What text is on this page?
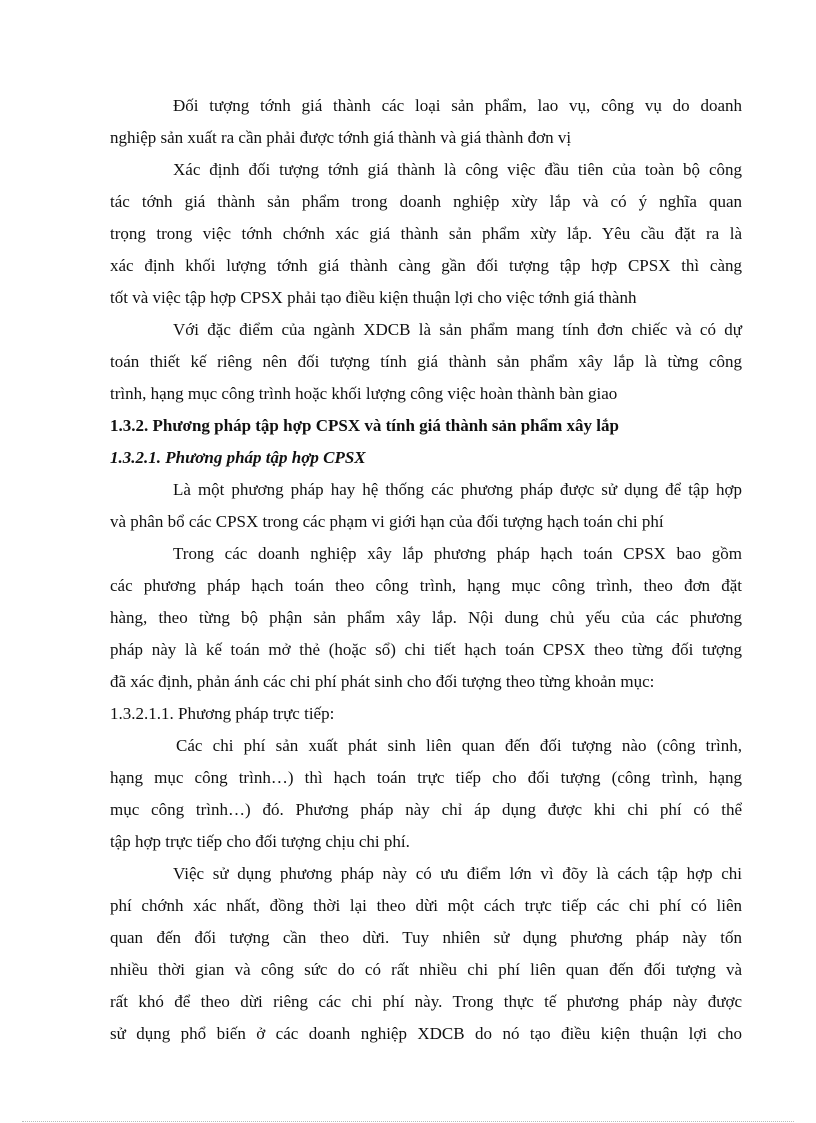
Đối tượng tớnh giá thành các loại sản phẩm, lao vụ, công vụ do doanh
nghiệp sản xuất ra cần phải được tớnh giá thành và giá thành đơn vị
Xác định đối tượng tớnh giá thành là công việc đầu tiên của toàn bộ công
tác tớnh giá thành sản phẩm trong doanh nghiệp xừy lắp và có ý nghĩa quan
trọng trong việc tớnh chớnh xác giá thành sản phẩm xừy lắp. Yêu cầu đặt ra là
xác định khối lượng tớnh giá thành càng gần đối tượng tập hợp CPSX thì càng
tốt và việc tập hợp CPSX phải tạo điều kiện thuận lợi cho việc tớnh giá thành
Với đặc điểm của ngành XDCB là sản phẩm mang tính đơn chiếc và có dự
toán thiết kế riêng nên đối tượng tính giá thành sản phẩm xây lắp là từng công
trình, hạng mục công trình hoặc khối lượng công việc hoàn thành bàn giao
1.3.2. Phương pháp tập hợp CPSX và tính giá thành sản phẩm xây lắp
1.3.2.1. Phương pháp tập hợp CPSX
Là một phương pháp hay hệ thống các phương pháp được sử dụng để tập hợp
và phân bổ các CPSX trong các phạm vi giới hạn của đối tượng hạch toán chi phí
Trong các doanh nghiệp xây lắp phương pháp hạch toán CPSX bao gồm
các phương pháp hạch toán theo công trình, hạng mục công trình, theo đơn đặt
hàng, theo từng bộ phận sản phẩm xây lắp. Nội dung chủ yếu của các phương
pháp này là kế toán mở thẻ (hoặc sổ) chi tiết hạch toán CPSX theo từng đối tượng
đã xác định, phản ánh các chi phí phát sinh cho đối tượng theo từng khoản mục:
1.3.2.1.1. Phương pháp trực tiếp:
Các chi phí sản xuất phát sinh liên quan đến đối tượng nào (công trình,
hạng mục công trình…) thì hạch toán trực tiếp cho đối tượng (công trình, hạng
mục công trình…) đó. Phương pháp này chỉ áp dụng được khi chi phí có thể
tập hợp trực tiếp cho đối tượng chịu chi phí.
Việc sử dụng phương pháp này có ưu điểm lớn vì đõy là cách tập hợp chi
phí chớnh xác nhất, đồng thời lại theo dừi một cách trực tiếp các chi phí có liên
quan đến đối tượng cần theo dừi. Tuy nhiên sử dụng phương pháp này tốn
nhiều thời gian và công sức do có rất nhiều chi phí liên quan đến đối tượng và
rất khó để theo dừi riêng các chi phí này. Trong thực tế phương pháp này được
sử dụng phổ biến ở các doanh nghiệp XDCB do nó tạo điều kiện thuận lợi cho
